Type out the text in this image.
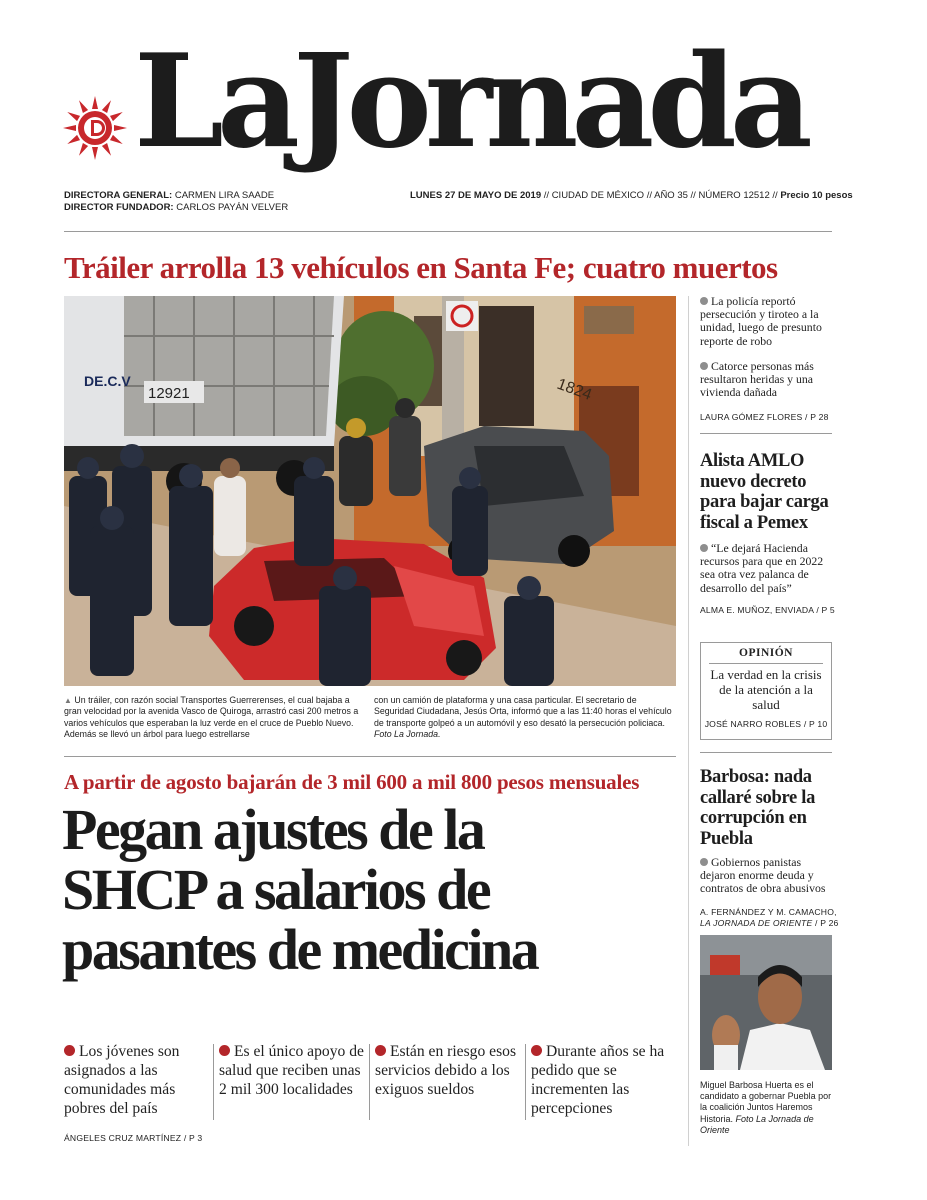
LaJornada
DIRECTORA GENERAL: CARMEN LIRA SAADE
DIRECTOR FUNDADOR: CARLOS PAYÁN VELVER
LUNES 27 DE MAYO DE 2019 // CIUDAD DE MÉXICO // AÑO 35 // NÚMERO 12512 // Precio 10 pesos
Tráiler arrolla 13 vehículos en Santa Fe; cuatro muertos
1824
12921
DE.C.V
▲ Un tráiler, con razón social Transportes Guerrerenses, el cual bajaba a gran velocidad por la avenida Vasco de Quiroga, arrastró casi 200 metros a varios vehículos que esperaban la luz verde en el cruce de Pueblo Nuevo. Además se llevó un árbol para luego estrellarse
con un camión de plataforma y una casa particular. El secretario de Seguridad Ciudadana, Jesús Orta, informó que a las 11:40 horas el vehículo de transporte golpeó a un automóvil y eso desató la persecución policiaca. Foto La Jornada.
La policía reportó persecución y tiroteo a la unidad, luego de presunto reporte de robo
Catorce personas más resultaron heridas y una vivienda dañada
LAURA GÓMEZ FLORES / P 28
Alista AMLO nuevo decreto para bajar carga fiscal a Pemex
“Le dejará Hacienda recursos para que en 2022 sea otra vez palanca de desarrollo del país”
ALMA E. MUÑOZ, ENVIADA / P 5
OPINIÓN
La verdad en la crisis de la atención a la salud
JOSÉ NARRO ROBLES / P 10
Barbosa: nada callaré sobre la corrupción en Puebla
Gobiernos panistas dejaron enorme deuda y contratos de obra abusivos
A. FERNÁNDEZ Y M. CAMACHO,
LA JORNADA DE ORIENTE / P 26
Miguel Barbosa Huerta es el candidato a gobernar Puebla por la coalición Juntos Haremos Historia. Foto La Jornada de Oriente
A partir de agosto bajarán de 3 mil 600 a mil 800 pesos mensuales
Pegan ajustes de la
SHCP a salarios de
pasantes de medicina
Los jóvenes son asignados a las comunidades más pobres del país
Es el único apoyo de salud que reciben unas 2 mil 300 localidades
Están en riesgo esos servicios debido a los exiguos sueldos
Durante años se ha pedido que se incrementen las percepciones
ÁNGELES CRUZ MARTÍNEZ / P 3
